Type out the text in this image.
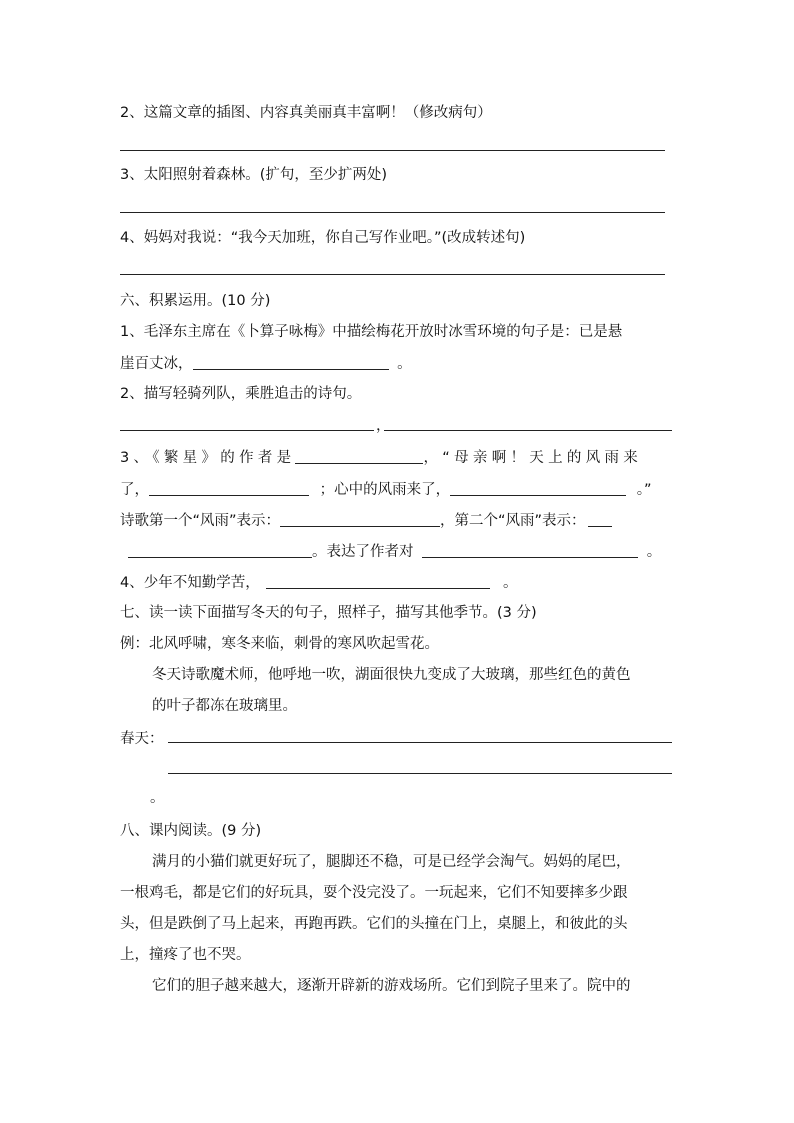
2、这篇文章的插图、内容真美丽真丰富啊！（修改病句）
3、太阳照射着森林。(扩句，至少扩两处)
4、妈妈对我说：“我今天加班，你自己写作业吧。”(改成转述句)
六、积累运用。(10 分)
1、毛泽东主席在《卜算子咏梅》中描绘梅花开放时冰雪环境的句子是：已是悬
崖百丈冰，	。
2、描写轻骑列队，乘胜追击的诗句。
，
3、《繁星》的作者是	，“母亲啊！天上的风雨来
了，	；心中的风雨来了，	。”
诗歌第一个“风雨”表示：	，第二个“风雨”表示：
。表达了作者对	。
4、少年不知勤学苦，	。
七、读一读下面描写冬天的句子，照样子，描写其他季节。(3 分)
例：北风呼啸，寒冬来临，刺骨的寒风吹起雪花。
冬天诗歌魔术师，他呼地一吹，湖面很快九变成了大玻璃，那些红色的黄色
的叶子都冻在玻璃里。
春天：
。
八、课内阅读。(9 分)
满月的小猫们就更好玩了，腿脚还不稳，可是已经学会淘气。妈妈的尾巴，
一根鸡毛，都是它们的好玩具，耍个没完没了。一玩起来，它们不知要摔多少跟
头，但是跌倒了马上起来，再跑再跌。它们的头撞在门上，桌腿上，和彼此的头
上，撞疼了也不哭。
它们的胆子越来越大，逐渐开辟新的游戏场所。它们到院子里来了。院中的
